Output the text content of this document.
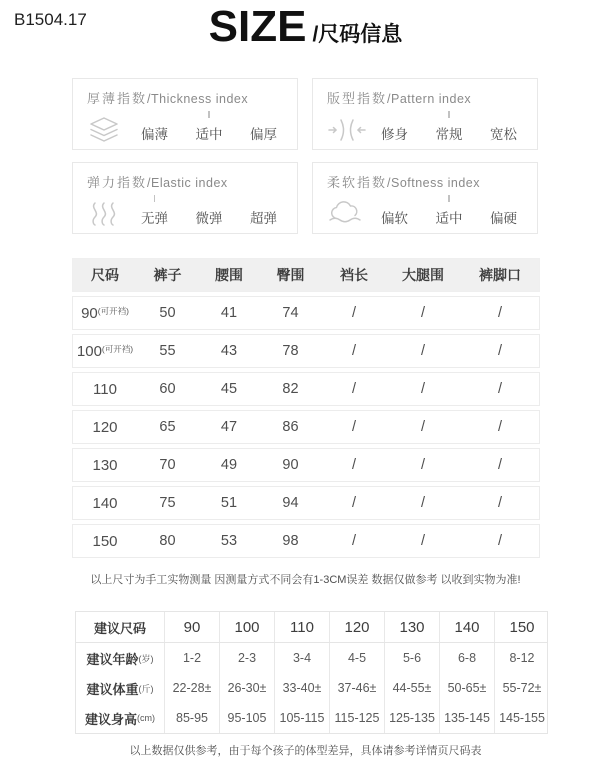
B1504.17	SIZE /尺码信息
厚薄指数/Thickness index
偏薄 适中 偏厚
版型指数/Pattern index
修身 常规 宽松
弹力指数/Elastic index
无弹 微弹 超弹
柔软指数/Softness index
偏软 适中 偏硬
尺码	裤子	腰围	臀围	裆长	大腿围	裤脚口
$90^{(可开裆)}$	50	41	74	/	/	/
$100^{(可开裆)}$	55	43	78	/	/	/
110	60	45	82	/	/	/
120	65	47	86	/	/	/
130	70	49	90	/	/	/
140	75	51	94	/	/	/
150	80	53	98	/	/	/
以上尺寸为手工实物测量 因测量方式不同会有1-3CM误差 数据仅做参考 以收到实物为准!
建议尺码	90	100	110	120	130	140	150
建议年龄 (岁)	1-2	2-3	3-4	4-5	5-6	6-8	8-12
建议体重 (斤)	22-28±	26-30±	33-40±	37-46±	44-55±	50-65±	55-72±
建议身高 (cm)	85-95	95-105	105-115 115-125 125-135 135-145 145-155
以上数据仅供参考，由于每个孩子的体型差异，具体请参考详情页尺码表
